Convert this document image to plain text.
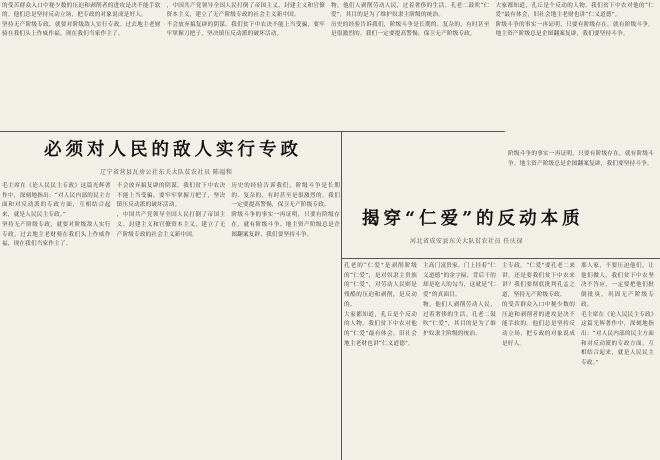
的受苦群众入口中秘少数的压迫和剥削者的进攻是决不能手软的。他们总是坚持反动立场，把专政的对象说成是好人。

坚持无产阶级专政，就要对阶级敌人实行专政。过去地主老财骑在我们头上作威作福，现在我们当家作主了。

，中国共产党领导全国人民打倒了帝国主义、封建主义和官僚资本主义，建立了无产阶级专政的社会主义新中国。

不会放弃搞复辟的阴谋。我们贫下中农决不能上当受骗，要牢牢掌握刀把子，坚决镇压反动派的破坏活动。

物，他们人剥削劳动人民，过着奢侈的生活。孔老二鼓吹“仁爱”，其目的是为了维护奴隶主阶级的统治。

历史的经验告诉我们，阶级斗争是长期的、复杂的，有时甚至是很激烈的。我们一定要提高警惕，保卫无产阶级专政。

大家都知道，孔丘是个反动的人物。我们贫下中农对他的“仁爱”最有体会，旧社会地主老财也讲“仁义道德”。

阶级斗争的事实一再证明，只要有阶级存在，就有阶级斗争。地主资产阶级总是企图翻案复辟，我们要坚持斗争。

必须对人民的敌人实行专政
辽宁省营县瓦房公社东关大队贫农社员 陈福和

毛主席在《论人民民主专政》这篇光辉著作中，深刻地指出：“对人民内部的民主方面和对反动派的专政方面，互相结合起来，就是人民民主专政。”

坚持无产阶级专政，就要对阶级敌人实行专政。过去地主老财骑在我们头上作威作福，现在我们当家作主了。

不会放弃搞复辟的阴谋。我们贫下中农决不能上当受骗，要牢牢掌握刀把子，坚决镇压反动派的破坏活动。

，中国共产党领导全国人民打倒了帝国主义、封建主义和官僚资本主义，建立了无产阶级专政的社会主义新中国。

历史的经验告诉我们，阶级斗争是长期的、复杂的，有时甚至是很激烈的。我们一定要提高警惕，保卫无产阶级专政。

阶级斗争的事实一再证明，只要有阶级存在，就有阶级斗争。地主资产阶级总是企图翻案复辟，我们要坚持斗争。

阶级斗争的事实一再证明，只要有阶级存在，就有阶级斗争。地主资产阶级总是企图翻案复辟，我们要坚持斗争。

揭穿“仁爱”的反动本质
河北省成安县东关大队贫农社员 任庆禄

孔老的“仁爱”是剥削阶级的“仁爱”，是对奴隶主贵族的“仁爱”，对劳动人民则是残酷的压迫和剥削，是反动的。

大家都知道，孔丘是个反动的人物。我们贫下中农对他的“仁爱”最有体会，旧社会地主老财也讲“仁义道德”。

主高门富贵家，门上挂着“仁义道德”的金字匾，背后干的却是吃人的勾当，这就是“仁爱”的真面目。

物，他们人剥削劳动人民，过着奢侈的生活。孔老二鼓吹“仁爱”，其目的是为了维护奴隶主阶级的统治。

主专政，“仁爱”要孔老二来讲，还是要我们贫下中农来讲？我们要彻底批判孔孟之道，坚持无产阶级专政。

的受苦群众入口中秘少数的压迫和剥削者的进攻是决不能手软的。他们总是坚持反动立场，把专政的对象说成是好人。

那人家，不要压迫他们，让他们做人，我们贫下中农坚决不答应，一定要把他们批倒批臭，巩固无产阶级专政。

毛主席在《论人民民主专政》这篇光辉著作中，深刻地指出：“对人民内部的民主方面和对反动派的专政方面，互相结合起来，就是人民民主专政。”
